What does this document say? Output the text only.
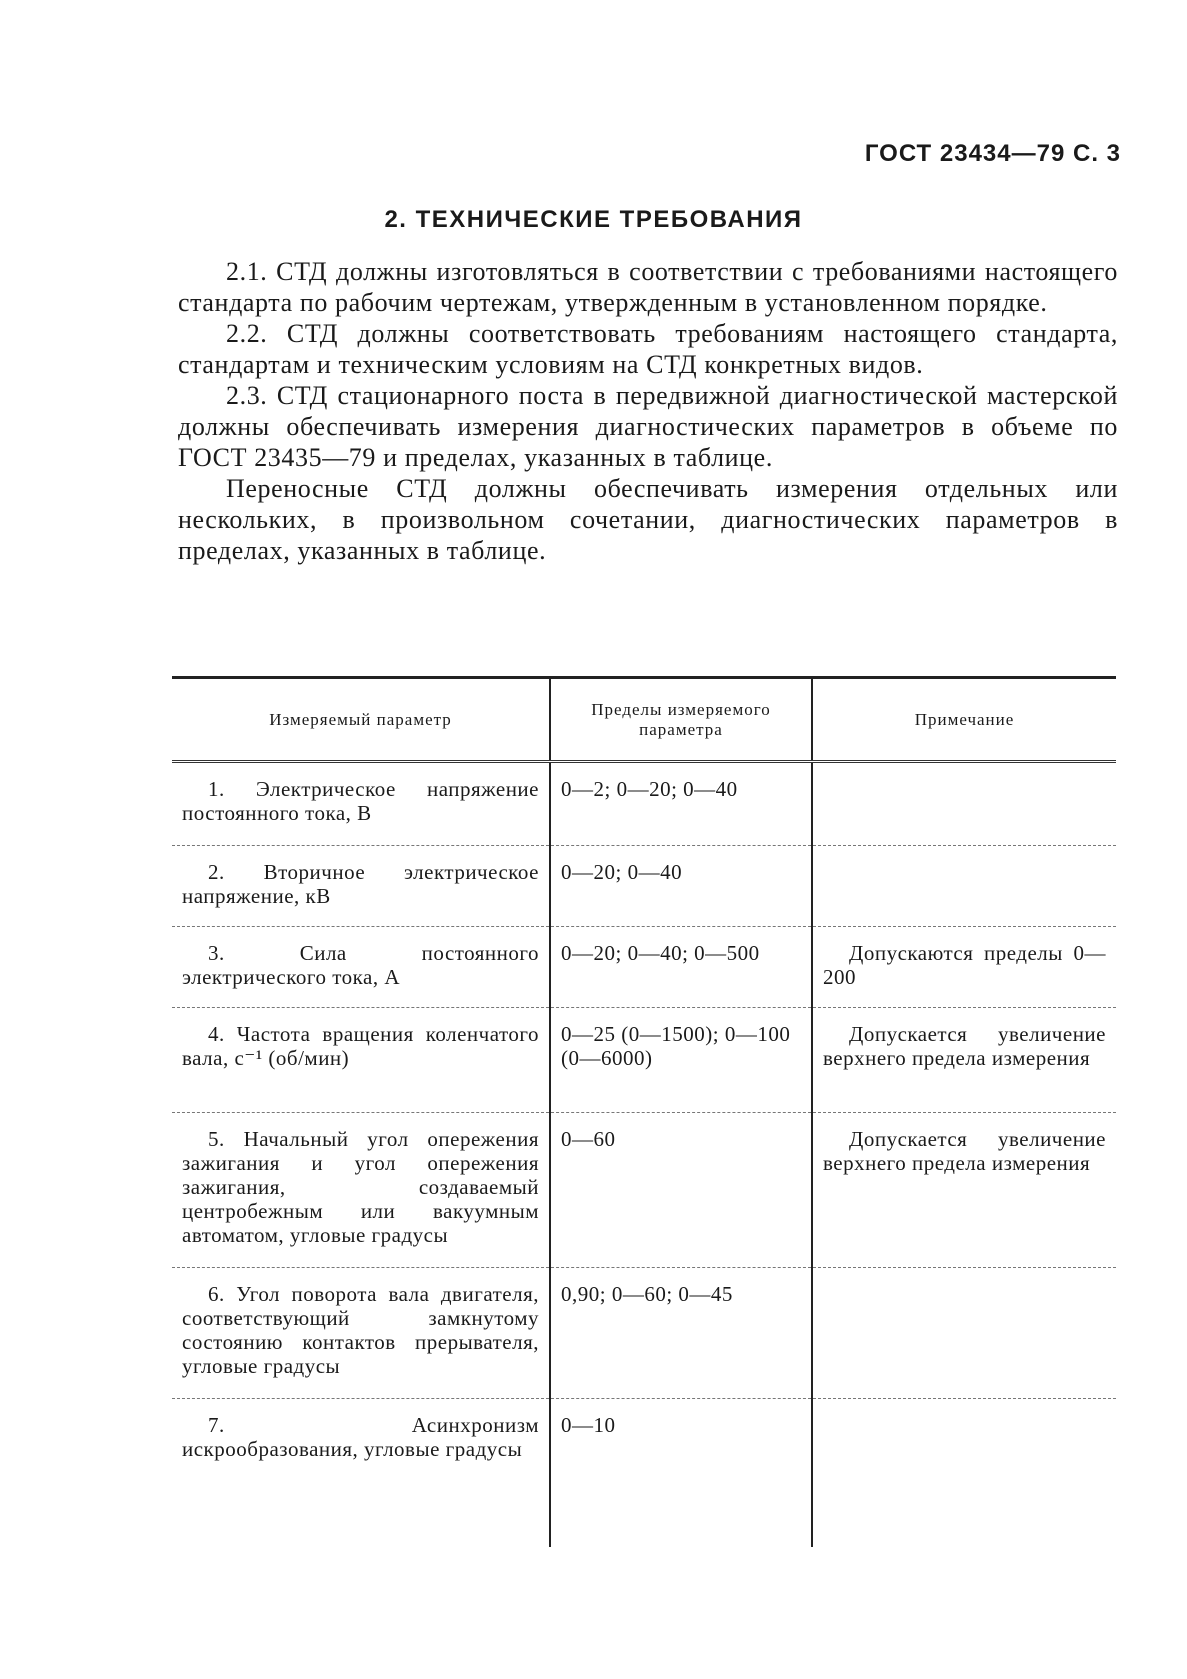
ГОСТ 23434—79 С. 3
2. ТЕХНИЧЕСКИЕ ТРЕБОВАНИЯ

2.1. СТД должны изготовляться в соответствии с требованиями настоящего стандарта по рабочим чертежам, утвержденным в установленном порядке.

2.2. СТД должны соответствовать требованиям настоящего стандарта, стандартам и техническим условиям на СТД конкретных видов.

2.3. СТД стационарного поста в передвижной диагностической мастерской должны обеспечивать измерения диагностических параметров в объеме по ГОСТ 23435—79 и пределах, указанных в таблице.

Переносные СТД должны обеспечивать измерения отдельных или нескольких, в произвольном сочетании, диагностических параметров в пределах, указанных в таблице.

Измеряемый параметр	Пределы измеряемого параметра	Примечание
1. Электрическое напряжение постоянного тока, В	0—2; 0—20; 0—40	
2. Вторичное электрическое напряжение, кВ	0—20; 0—40	
3. Сила постоянного электрического тока, А	0—20; 0—40; 0—500	Допускаются пределы 0—200
4. Частота вращения коленчатого вала, с⁻¹ (об/мин)	0—25 (0—1500); 0—100 (0—6000)	Допускается увеличение верхнего предела измерения
5. Начальный угол опережения зажигания и угол опережения зажигания, создаваемый центробежным или вакуумным автоматом, угловые градусы	0—60	Допускается увеличение верхнего предела измерения
6. Угол поворота вала двигателя, соответствующий замкнутому состоянию контактов прерывателя, угловые градусы	0,90; 0—60; 0—45	
7. Асинхронизм искрообразования, угловые градусы	0—10	
